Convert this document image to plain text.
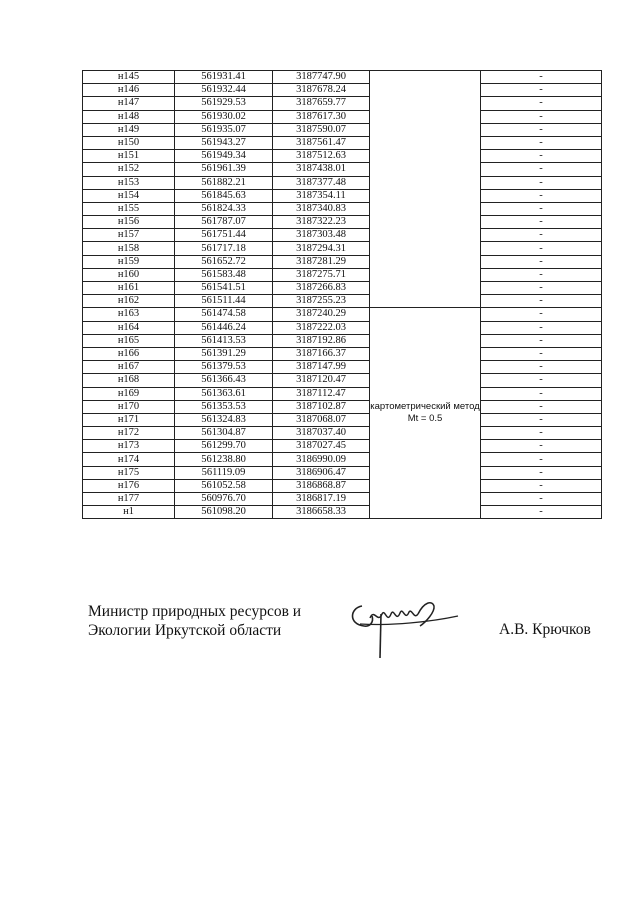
н145	561931.41	3187747.90		-
н146	561932.44	3187678.24		-
н147	561929.53	3187659.77		-
н148	561930.02	3187617.30		-
н149	561935.07	3187590.07		-
н150	561943.27	3187561.47		-
н151	561949.34	3187512.63		-
н152	561961.39	3187438.01		-
н153	561882.21	3187377.48		-
н154	561845.63	3187354.11		-
н155	561824.33	3187340.83		-
н156	561787.07	3187322.23		-
н157	561751.44	3187303.48		-
н158	561717.18	3187294.31		-
н159	561652.72	3187281.29		-
н160	561583.48	3187275.71		-
н161	561541.51	3187266.83		-
н162	561511.44	3187255.23		-
н163	561474.58	3187240.29	картометрический метод Mt = 0.5	-
н164	561446.24	3187222.03		-
н165	561413.53	3187192.86		-
н166	561391.29	3187166.37		-
н167	561379.53	3187147.99		-
н168	561366.43	3187120.47		-
н169	561363.61	3187112.47		-
н170	561353.53	3187102.87		-
н171	561324.83	3187068.07		-
н172	561304.87	3187037.40		-
н173	561299.70	3187027.45		-
н174	561238.80	3186990.09		-
н175	561119.09	3186906.47		-
н176	561052.58	3186868.87		-
н177	560976.70	3186817.19		-
н1	561098.20	3186658.33		-
Министр природных ресурсов и
Экологии Иркутской области	А.В. Крючков
